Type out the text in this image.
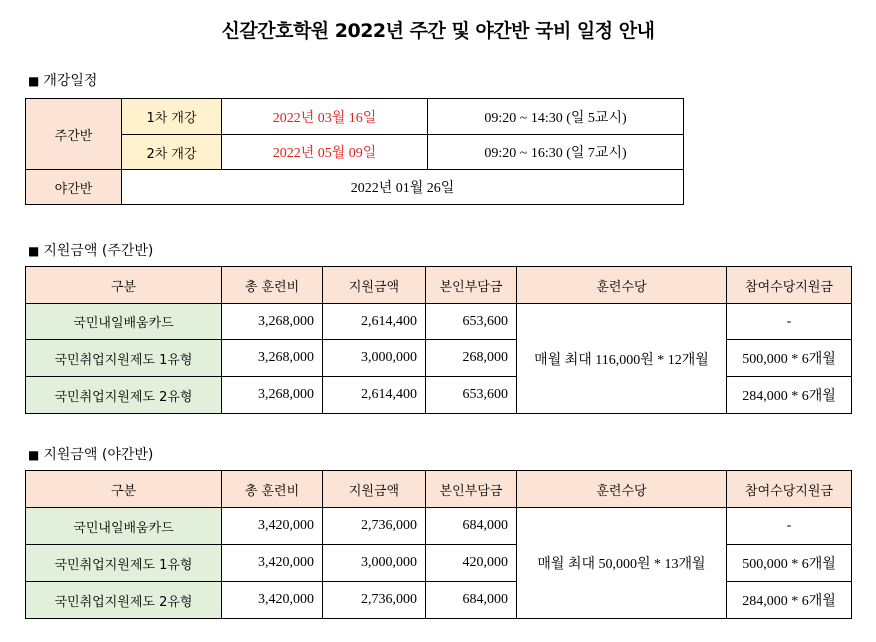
신갈간호학원 2022년 주간 및 야간반 국비 일정 안내
■ 개강일정
주간반	1차 개강	2022년 03월 16일	09:20 ~ 14:30 (일 5교시)
	2차 개강	2022년 05월 09일	09:20 ~ 16:30 (일 7교시)
야간반	2022년 01월 26일		
■ 지원금액 (주간반)
구분	총 훈련비	지원금액	본인부담금	훈련수당	참여수당지원금
국민내일배움카드	3,268,000	2,614,400	653,600	매월 최대 116,000원 * 12개월	-
국민취업지원제도 1유형	3,268,000	3,000,000	268,000		500,000 * 6개월
국민취업지원제도 2유형	3,268,000	2,614,400	653,600		284,000 * 6개월
■ 지원금액 (야간반)
구분	총 훈련비	지원금액	본인부담금	훈련수당	참여수당지원금
국민내일배움카드	3,420,000	2,736,000	684,000	매월 최대 50,000원 * 13개월	-
국민취업지원제도 1유형	3,420,000	3,000,000	420,000		500,000 * 6개월
국민취업지원제도 2유형	3,420,000	2,736,000	684,000		284,000 * 6개월
